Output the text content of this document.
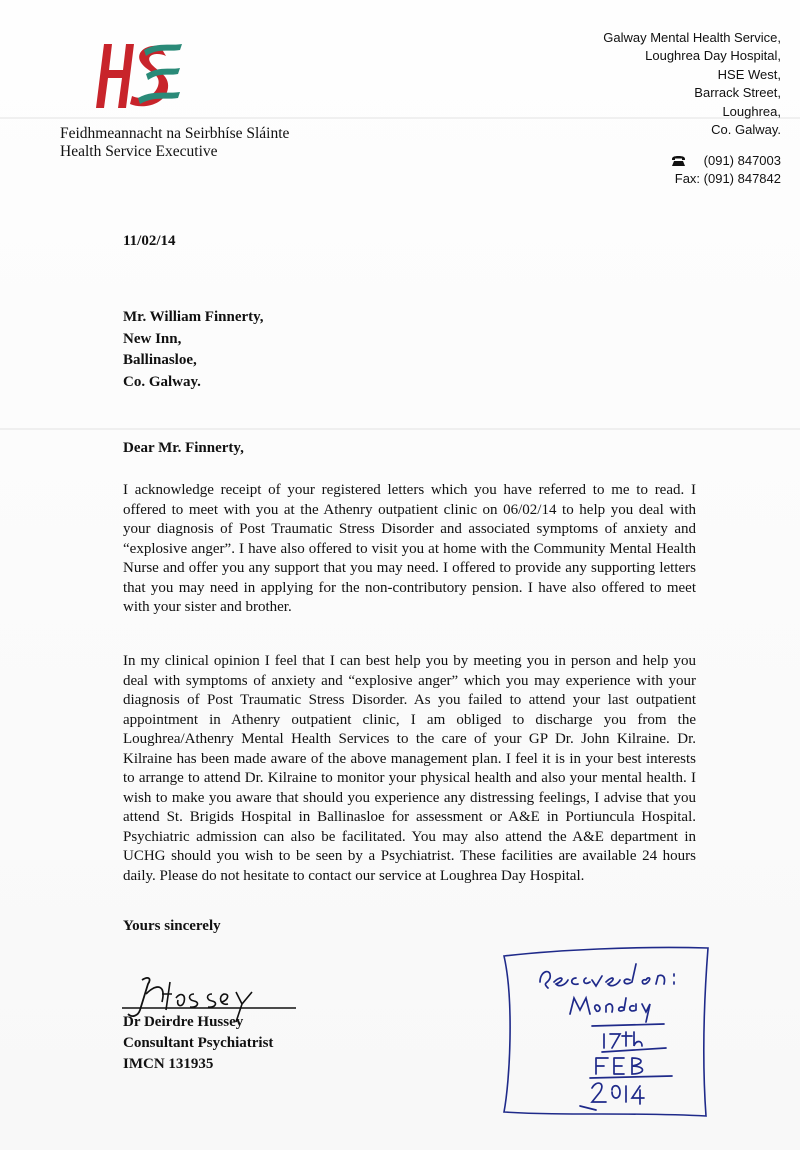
Feidhmeannacht na Seirbhíse Sláinte
Health Service Executive
Galway Mental Health Service,
Loughrea Day Hospital,
HSE West,
Barrack Street,
Loughrea,
Co. Galway.
(091) 847003
Fax: (091) 847842
11/02/14
Mr. William Finnerty,
New Inn,
Ballinasloe,
Co. Galway.
Dear Mr. Finnerty,
I acknowledge receipt of your registered letters which you have referred to me to read. I offered to meet with you at the Athenry outpatient clinic on 06/02/14 to help you deal with your diagnosis of Post Traumatic Stress Disorder and associated symptoms of anxiety and “explosive anger”. I have also offered to visit you at home with the Community Mental Health Nurse and offer you any support that you may need. I offered to provide any supporting letters that you may need in applying for the non-contributory pension. I have also offered to meet with your sister and brother.
In my clinical opinion I feel that I can best help you by meeting you in person and help you deal with symptoms of anxiety and “explosive anger” which you may experience with your diagnosis of Post Traumatic Stress Disorder. As you failed to attend your last outpatient appointment in Athenry outpatient clinic, I am obliged to discharge you from the Loughrea/Athenry Mental Health Services to the care of your GP Dr. John Kilraine. Dr. Kilraine has been made aware of the above management plan. I feel it is in your best interests to arrange to attend Dr. Kilraine to monitor your physical health and also your mental health. I wish to make you aware that should you experience any distressing feelings, I advise that you attend St. Brigids Hospital in Ballinasloe for assessment or A&E in Portiuncula Hospital. Psychiatric admission can also be facilitated. You may also attend the A&E department in UCHG should you wish to be seen by a Psychiatrist. These facilities are available 24 hours daily. Please do not hesitate to contact our service at Loughrea Day Hospital.
Yours sincerely
Dr Deirdre Hussey
Consultant Psychiatrist
IMCN 131935
